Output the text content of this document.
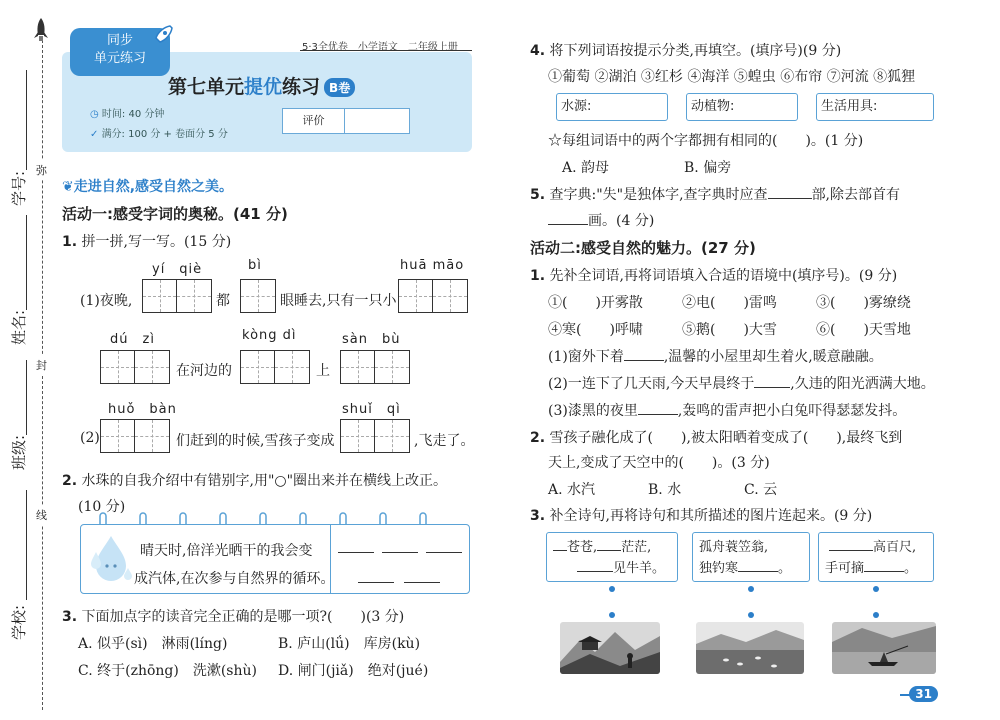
弥
封
线
学号:
姓名:
班级:
学校:
同步
单元练习
5·3全优卷　小学语文　二年级上册
第七单元提优练习 B卷
◷ 时间: 40 分钟
✓ 满分: 100 分 + 卷面分 5 分
评价
❦走进自然,感受自然之美。
活动一:感受字词的奥秘。(41 分)
1. 拼一拼,写一写。(15 分)
yí　qiè	bì	huā māo
(1)夜晚,	都	眼睡去,只有一只小
dú　zì	kòng dì	sàn　bù
在河边的	上
huǒ　bàn	shuǐ　qì
(2)	们赶到的时候,雪孩子变成	,飞走了。
2. 水珠的自我介绍中有错别字,用"○"圈出来并在横线上改正。
(10 分)
晴天时,倍洋光晒干的我会变
成汽体,在次参与自然界的循环。
3. 下面加点字的读音完全正确的是哪一项?(　　)(3 分)
A. 似乎(sì)　淋雨(líng)	B. 庐山(lǘ)　库房(kù)
C. 终于(zhōng)　洗漱(shù) D. 闸门(jiǎ)　绝对(jué)
4. 将下列词语按提示分类,再填空。(填序号)(9 分)
①葡萄 ②湖泊 ③红杉 ④海洋 ⑤蝗虫 ⑥布帘 ⑦河流 ⑧狐狸
水源:	动植物:	生活用具:
☆每组词语中的两个字都拥有相同的(　　)。(1 分)
A. 韵母	B. 偏旁
5. 查字典:"失"是独体字,查字典时应查	部,除去部首有
画。(4 分)
活动二:感受自然的魅力。(27 分)
1. 先补全词语,再将词语填入合适的语境中(填序号)。(9 分)
①(　　)开雾散	②电(　　)雷鸣	③(　　)雾缭绕
④寒(　　)呼啸	⑤鹅(　　)大雪	⑥(　　)天雪地
(1)窗外下着	,温馨的小屋里却生着火,暖意融融。
(2)一连下了几天雨,今天早晨终于	,久违的阳光洒满大地。
(3)漆黑的夜里	,轰鸣的雷声把小白兔吓得瑟瑟发抖。
2. 雪孩子融化成了(　　),被太阳晒着变成了(　　),最终飞到
天上,变成了天空中的(　　)。(3 分)
A. 水汽	B. 水	C. 云
3. 补全诗句,再将诗句和其所描述的图片连起来。(9 分)
苍苍, 茫茫,
见牛羊。
孤舟蓑笠翁,
独钓寒	。
高百尺,
手可摘	。
31
